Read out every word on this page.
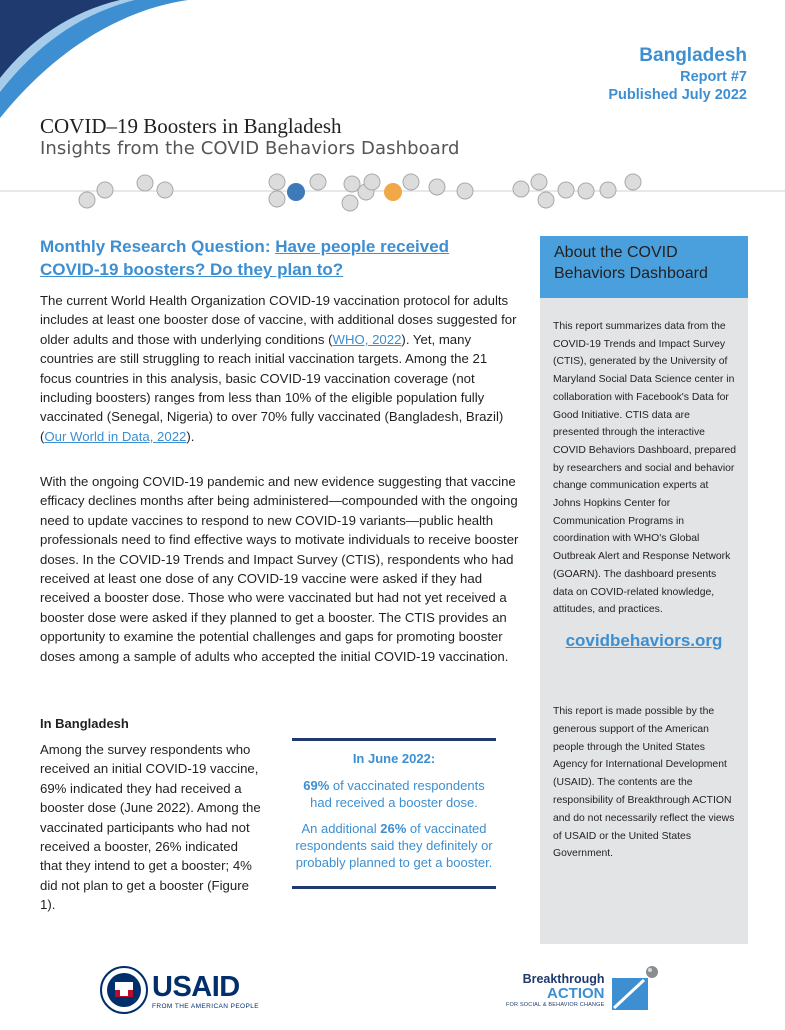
Bangladesh
Report #7
Published July 2022
COVID–19 Boosters in Bangladesh
Insights from the COVID Behaviors Dashboard
Monthly Research Question: Have people received COVID-19 boosters? Do they plan to?
The current World Health Organization COVID-19 vaccination protocol for adults includes at least one booster dose of vaccine, with additional doses suggested for older adults and those with underlying conditions (WHO, 2022). Yet, many countries are still struggling to reach initial vaccination targets. Among the 21 focus countries in this analysis, basic COVID-19 vaccination coverage (not including boosters) ranges from less than 10% of the eligible population fully vaccinated (Senegal, Nigeria) to over 70% fully vaccinated (Bangladesh, Brazil) (Our World in Data, 2022).
With the ongoing COVID-19 pandemic and new evidence suggesting that vaccine efficacy declines months after being administered—compounded with the ongoing need to update vaccines to respond to new COVID-19 variants—public health professionals need to find effective ways to motivate individuals to receive booster doses. In the COVID-19 Trends and Impact Survey (CTIS), respondents who had received at least one dose of any COVID-19 vaccine were asked if they had received a booster dose. Those who were vaccinated but had not yet received a booster dose were asked if they planned to get a booster. The CTIS provides an opportunity to examine the potential challenges and gaps for promoting booster doses among a sample of adults who accepted the initial COVID-19 vaccination.
In Bangladesh
Among the survey respondents who received an initial COVID-19 vaccine, 69% indicated they had received a booster dose (June 2022). Among the vaccinated participants who had not received a booster, 26% indicated that they intend to get a booster; 4% did not plan to get a booster (Figure 1).
In June 2022:
69% of vaccinated respondents had received a booster dose.
An additional 26% of vaccinated respondents said they definitely or probably planned to get a booster.
About the COVID Behaviors Dashboard
This report summarizes data from the COVID-19 Trends and Impact Survey (CTIS), generated by the University of Maryland Social Data Science center in collaboration with Facebook's Data for Good Initiative. CTIS data are presented through the interactive COVID Behaviors Dashboard, prepared by researchers and social and behavior change communication experts at Johns Hopkins Center for Communication Programs in coordination with WHO's Global Outbreak Alert and Response Network (GOARN). The dashboard presents data on COVID-related knowledge, attitudes, and practices.
covidbehaviors.org
This report is made possible by the generous support of the American people through the United States Agency for International Development (USAID). The contents are the responsibility of Breakthrough ACTION and do not necessarily reflect the views of USAID or the United States Government.
USAID
FROM THE AMERICAN PEOPLE
Breakthrough
ACTION
FOR SOCIAL & BEHAVIOR CHANGE
